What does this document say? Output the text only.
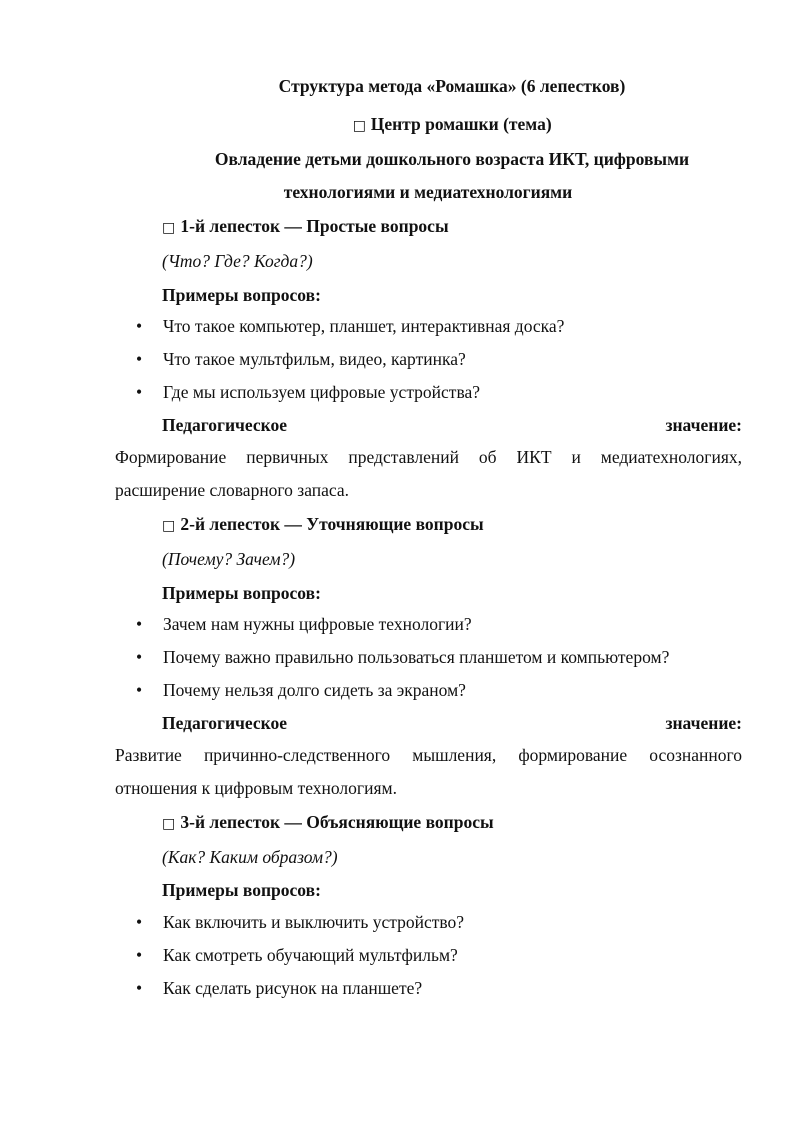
Структура метода «Ромашка» (6 лепестков)

□ Центр ромашки (тема)

Овладение детьми дошкольного возраста ИКТ, цифровыми

технологиями и медиатехнологиями

□ 1-й лепесток — Простые вопросы

(Что? Где? Когда?)

Примеры вопросов:

•	Что такое компьютер, планшет, интерактивная доска?
•	Что такое мультфильм, видео, картинка?
•	Где мы используем цифровые устройства?
Педагогическое	значение:

Формирование первичных представлений об ИКТ и медиатехнологиях, расширение словарного запаса.

□ 2-й лепесток — Уточняющие вопросы

(Почему? Зачем?)

Примеры вопросов:

•	Зачем нам нужны цифровые технологии?
•	Почему важно правильно пользоваться планшетом и компьютером?
•	Почему нельзя долго сидеть за экраном?
Педагогическое	значение:

Развитие причинно-следственного мышления, формирование осознанного отношения к цифровым технологиям.

□ 3-й лепесток — Объясняющие вопросы

(Как? Каким образом?)

Примеры вопросов:

•	Как включить и выключить устройство?
•	Как смотреть обучающий мультфильм?
•	Как сделать рисунок на планшете?
